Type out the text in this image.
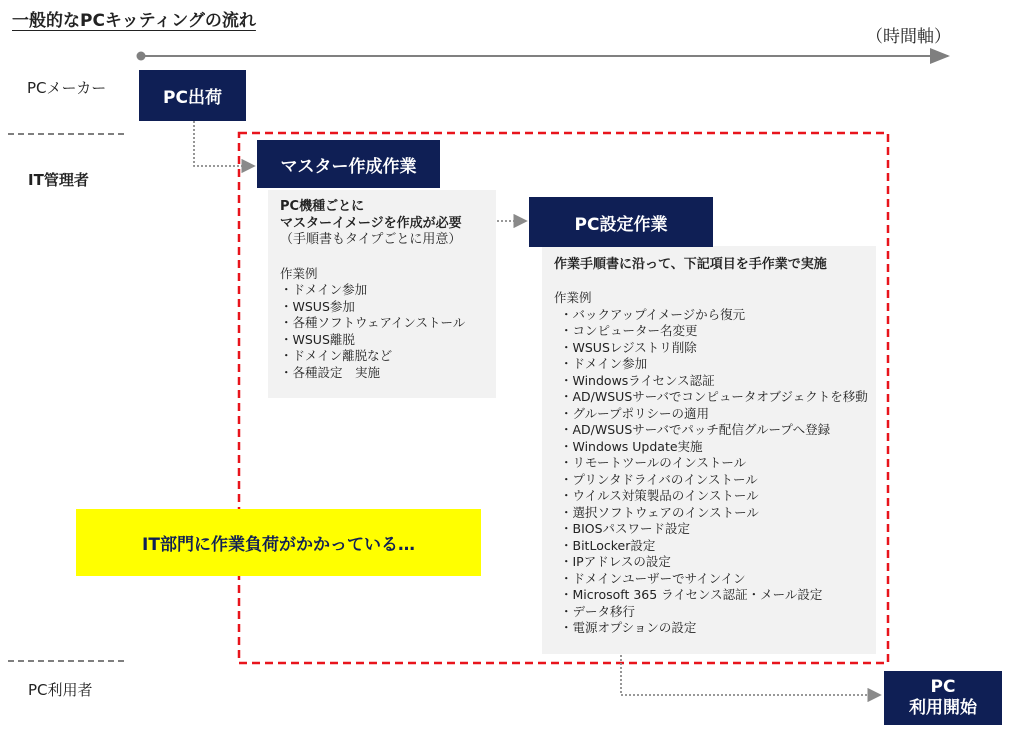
一般的なPCキッティングの流れ
（時間軸）
PCメーカー
IT管理者
PC利用者
PC出荷
マスター作成作業
PC機種ごとに
マスターイメージを作成が必要
（手順書もタイプごとに用意）
作業例
・ドメイン参加
・WSUS参加
・各種ソフトウェアインストール
・WSUS離脱
・ドメイン離脱など
・各種設定　実施
PC設定作業
作業手順書に沿って、下記項目を手作業で実施
作業例
・バックアップイメージから復元
・コンピューター名変更
・WSUSレジストリ削除
・ドメイン参加
・Windowsライセンス認証
・AD/WSUSサーバでコンピュータオブジェクトを移動
・グループポリシーの適用
・AD/WSUSサーバでパッチ配信グループへ登録
・Windows Update実施
・リモートツールのインストール
・プリンタドライバのインストール
・ウイルス対策製品のインストール
・選択ソフトウェアのインストール
・BIOSパスワード設定
・BitLocker設定
・IPアドレスの設定
・ドメインユーザーでサインイン
・Microsoft 365 ライセンス認証・メール設定
・データ移行
・電源オプションの設定
IT部門に作業負荷がかかっている…
PC
利用開始
